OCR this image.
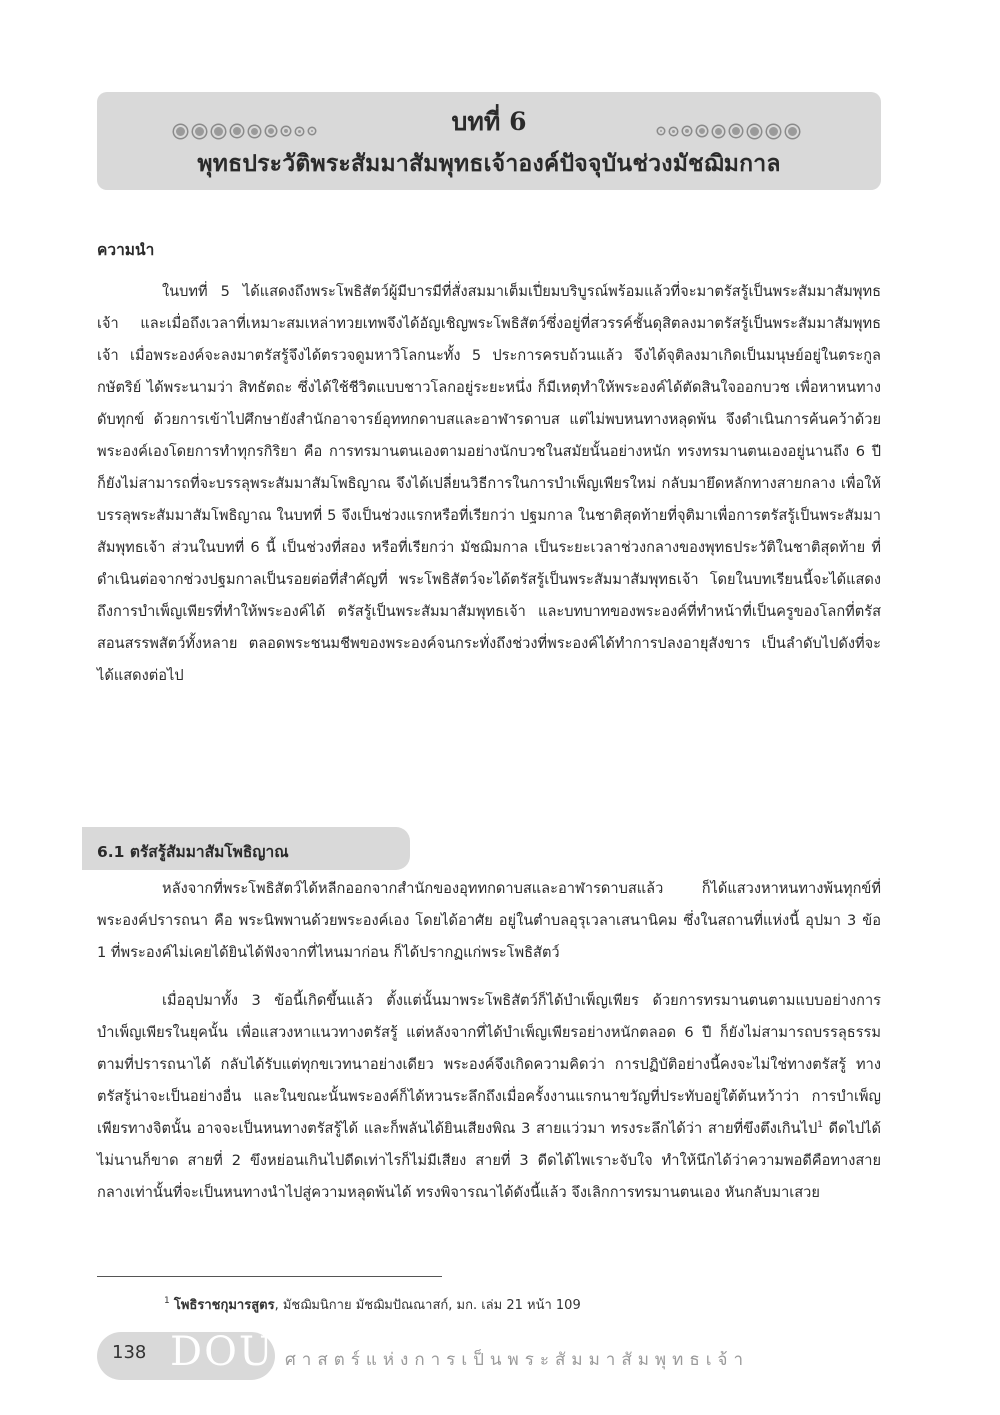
บทที่ 6
พุทธประวัติพระสัมมาสัมพุทธเจ้าองค์ปัจจุบันช่วงมัชฌิมกาล
ความนำ
ในบทที่ 5 ได้แสดงถึงพระโพธิสัตว์ผู้มีบารมีที่สั่งสมมาเต็มเปี่ยมบริบูรณ์พร้อมแล้วที่จะมาตรัสรู้เป็นพระสัมมาสัมพุทธเจ้า และเมื่อถึงเวลาที่เหมาะสมเหล่าทวยเทพจึงได้อัญเชิญพระโพธิสัตว์ซึ่งอยู่ที่สวรรค์ชั้นดุสิตลงมาตรัสรู้เป็นพระสัมมาสัมพุทธเจ้า เมื่อพระองค์จะลงมาตรัสรู้จึงได้ตรวจดูมหาวิโลกนะทั้ง 5 ประการครบถ้วนแล้ว จึงได้จุติลงมาเกิดเป็นมนุษย์อยู่ในตระกูลกษัตริย์ ได้พระนามว่า สิทธัตถะ ซึ่งได้ใช้ชีวิตแบบชาวโลกอยู่ระยะหนึ่ง ก็มีเหตุทำให้พระองค์ได้ตัดสินใจออกบวช เพื่อหาหนทางดับทุกข์ ด้วยการเข้าไปศึกษายังสำนักอาจารย์อุททกดาบสและอาฬารดาบส แต่ไม่พบหนทางหลุดพ้น จึงดำเนินการค้นคว้าด้วยพระองค์เองโดยการทำทุกรกิริยา คือ การทรมานตนเองตามอย่างนักบวชในสมัยนั้นอย่างหนัก ทรงทรมานตนเองอยู่นานถึง 6 ปี ก็ยังไม่สามารถที่จะบรรลุพระสัมมาสัมโพธิญาณ จึงได้เปลี่ยนวิธีการในการบำเพ็ญเพียรใหม่ กลับมายึดหลักทางสายกลาง เพื่อให้บรรลุพระสัมมาสัมโพธิญาณ ในบทที่ 5 จึงเป็นช่วงแรกหรือที่เรียกว่า ปฐมกาล ในชาติสุดท้ายที่จุติมาเพื่อการตรัสรู้เป็นพระสัมมาสัมพุทธเจ้า ส่วนในบทที่ 6 นี้ เป็นช่วงที่สอง หรือที่เรียกว่า มัชฌิมกาล เป็นระยะเวลาช่วงกลางของพุทธประวัติในชาติสุดท้าย ที่ดำเนินต่อจากช่วงปฐมกาลเป็นรอยต่อที่สำคัญที่ พระโพธิสัตว์จะได้ตรัสรู้เป็นพระสัมมาสัมพุทธเจ้า โดยในบทเรียนนี้จะได้แสดงถึงการบำเพ็ญเพียรที่ทำให้พระองค์ได้ ตรัสรู้เป็นพระสัมมาสัมพุทธเจ้า และบทบาทของพระองค์ที่ทำหน้าที่เป็นครูของโลกที่ตรัสสอนสรรพสัตว์ทั้งหลาย ตลอดพระชนมชีพของพระองค์จนกระทั่งถึงช่วงที่พระองค์ได้ทำการปลงอายุสังขาร เป็นลำดับไปดังที่จะได้แสดงต่อไป
6.1 ตรัสรู้สัมมาสัมโพธิญาณ
หลังจากที่พระโพธิสัตว์ได้หลีกออกจากสำนักของอุททกดาบสและอาฬารดาบสแล้ว ก็ได้แสวงหาหนทางพ้นทุกข์ที่พระองค์ปรารถนา คือ พระนิพพานด้วยพระองค์เอง โดยได้อาศัย อยู่ในตำบลอุรุเวลาเสนานิคม ซึ่งในสถานที่แห่งนี้ อุปมา 3 ข้อ 1 ที่พระองค์ไม่เคยได้ยินได้ฟังจากที่ไหนมาก่อน ก็ได้ปรากฏแก่พระโพธิสัตว์
เมื่ออุปมาทั้ง 3 ข้อนี้เกิดขึ้นแล้ว ตั้งแต่นั้นมาพระโพธิสัตว์ก็ได้บำเพ็ญเพียร ด้วยการทรมานตนตามแบบอย่างการบำเพ็ญเพียรในยุคนั้น เพื่อแสวงหาแนวทางตรัสรู้ แต่หลังจากที่ได้บำเพ็ญเพียรอย่างหนักตลอด 6 ปี ก็ยังไม่สามารถบรรลุธรรมตามที่ปรารถนาได้ กลับได้รับแต่ทุกขเวทนาอย่างเดียว พระองค์จึงเกิดความคิดว่า การปฏิบัติอย่างนี้คงจะไม่ใช่ทางตรัสรู้ ทางตรัสรู้น่าจะเป็นอย่างอื่น และในขณะนั้นพระองค์ก็ได้หวนระลึกถึงเมื่อครั้งงานแรกนาขวัญที่ประทับอยู่ใต้ต้นหว้าว่า การบำเพ็ญเพียรทางจิตนั้น อาจจะเป็นหนทางตรัสรู้ได้ และก็พลันได้ยินเสียงพิณ 3 สายแว่วมา ทรงระลึกได้ว่า สายที่ขึงตึงเกินไป$^1$ ดีดไปได้ไม่นานก็ขาด สายที่ 2 ขึงหย่อนเกินไปดีดเท่าไรก็ไม่มีเสียง สายที่ 3 ดีดได้ไพเราะจับใจ ทำให้นึกได้ว่าความพอดีคือทางสายกลางเท่านั้นที่จะเป็นหนทางนำไปสู่ความหลุดพ้นได้ ทรงพิจารณาได้ดังนี้แล้ว จึงเลิกการทรมานตนเอง หันกลับมาเสวย
$^1$ โพธิราชกุมารสูตร, มัชฌิมนิกาย มัชฌิมปัณณาสก์, มก. เล่ม 21 หน้า 109
138 DOU ศาสตร์แห่งการเป็นพระสัมมาสัมพุทธเจ้า
